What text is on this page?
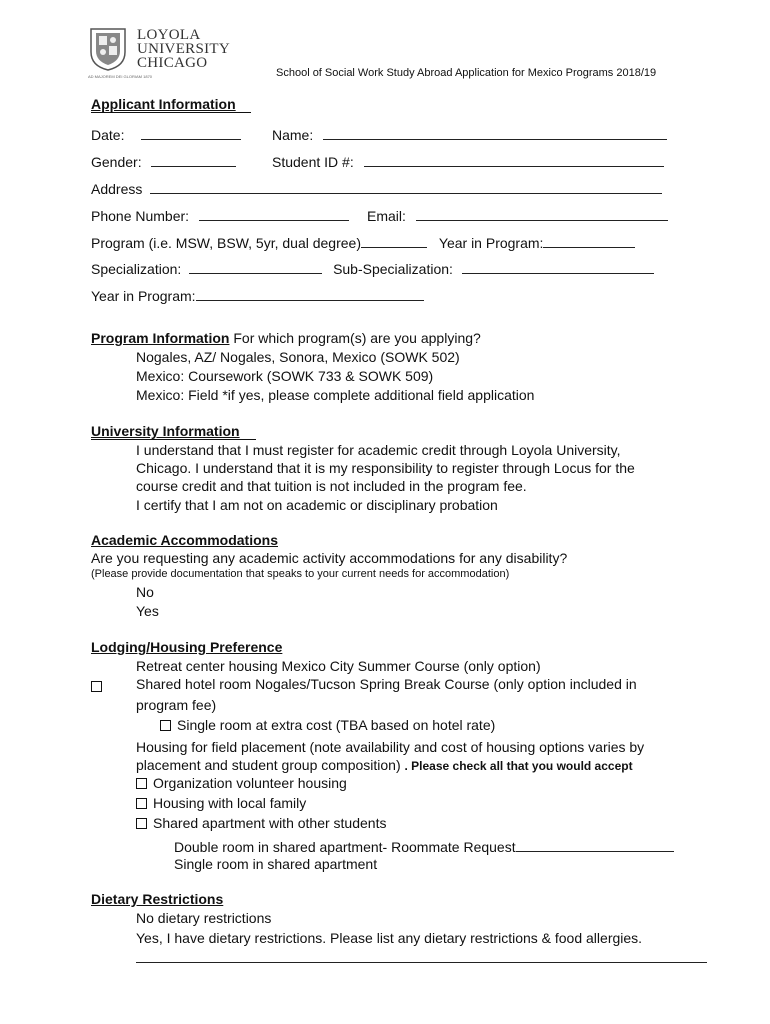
AD MAJOREM DEI GLORIAM 1870
LOYOLA
UNIVERSITY
CHICAGO
School of Social Work Study Abroad Application for Mexico Programs 2018/19
Applicant Information
Date:	Name:
Gender:	Student ID #:
Address
Phone Number:	Email:
Program (i.e. MSW, BSW, 5yr, dual degree)	Year in Program:
Specialization:	Sub-Specialization:
Year in Program:
Program Information For which program(s) are you applying?
Nogales, AZ/ Nogales, Sonora, Mexico (SOWK 502)
Mexico: Coursework (SOWK 733 & SOWK 509)
Mexico: Field *if yes, please complete additional field application
University Information
I understand that I must register for academic credit through Loyola University,
Chicago. I understand that it is my responsibility to register through Locus for the
course credit and that tuition is not included in the program fee.
I certify that I am not on academic or disciplinary probation
Academic Accommodations
Are you requesting any academic activity accommodations for any disability?
(Please provide documentation that speaks to your current needs for accommodation)
No
Yes
Lodging/Housing Preference
Retreat center housing Mexico City Summer Course (only option)
Shared hotel room Nogales/Tucson Spring Break Course (only option included in
program fee)
Single room at extra cost (TBA based on hotel rate)
Housing for field placement (note availability and cost of housing options varies by
placement and student group composition) . Please check all that you would accept
Organization volunteer housing
Housing with local family
Shared apartment with other students
Double room in shared apartment- Roommate Request
Single room in shared apartment
Dietary Restrictions
No dietary restrictions
Yes, I have dietary restrictions. Please list any dietary restrictions & food allergies.
